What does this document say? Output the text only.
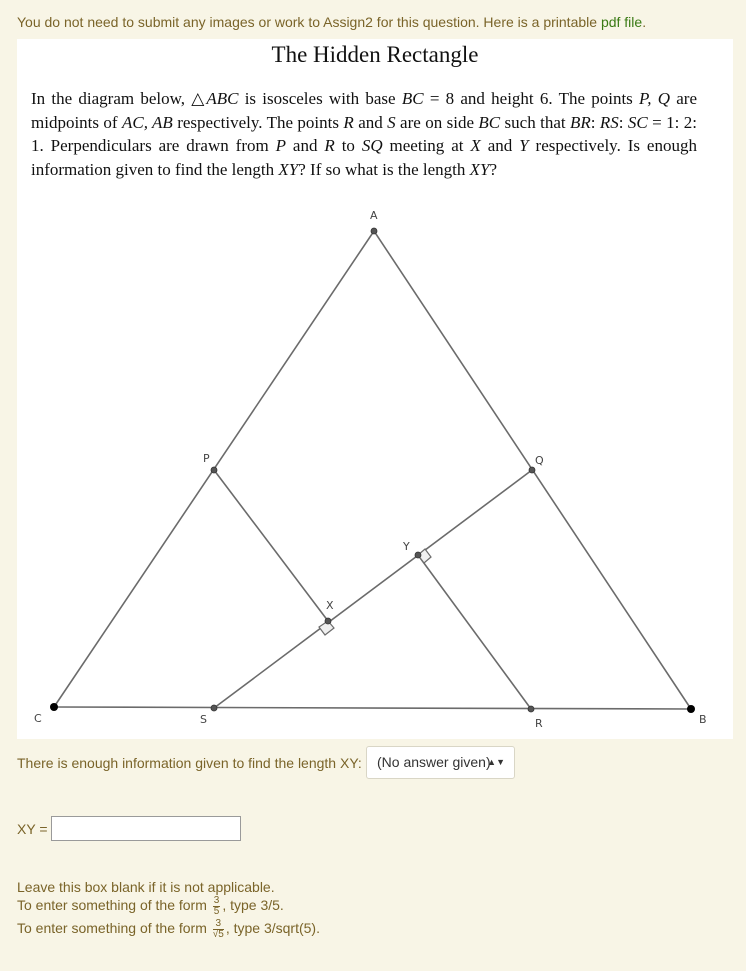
You do not need to submit any images or work to Assign2 for this question. Here is a printable pdf file.
The Hidden Rectangle
In the diagram below, △ABC is isosceles with base BC = 8 and height 6. The points P, Q are midpoints of AC, AB respectively. The points R and S are on side BC such that BR: RS: SC = 1: 2: 1. Perpendiculars are drawn from P and R to SQ meeting at X and Y respectively. Is enough information given to find the length XY? If so what is the length XY?
A
P	Q
Y
X
C	S	R	B
There is enough information given to find the length XY:	(No answer given)
▲▼
XY =
Leave this box blank if it is not applicable.
To enter something of the form $\frac{3}{5}$ , type 3/5.
To enter something of the form $\frac{3}{√5}$ , type 3/sqrt(5).
